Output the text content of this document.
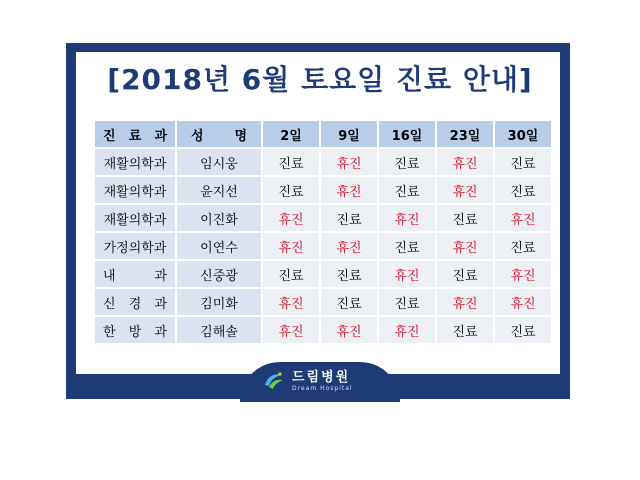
[2018년 6월 토요일 진료 안내]
진 료 과	성 명	2일	9일	16일	23일	30일

재활의학과	임시웅	진료	휴진	진료	휴진	진료

재활의학과	윤지선	진료	휴진	진료	휴진	진료

재활의학과	이진화	휴진	진료	휴진	진료	휴진

가정의학과	이연수	휴진	휴진	진료	휴진	진료

내 과	신중광	진료	진료	휴진	진료	휴진

신 경 과	김미화	휴진	진료	진료	휴진	휴진

한 방 과	김해솔	휴진	휴진	휴진	진료	진료
드림병원
Dream Hospital
